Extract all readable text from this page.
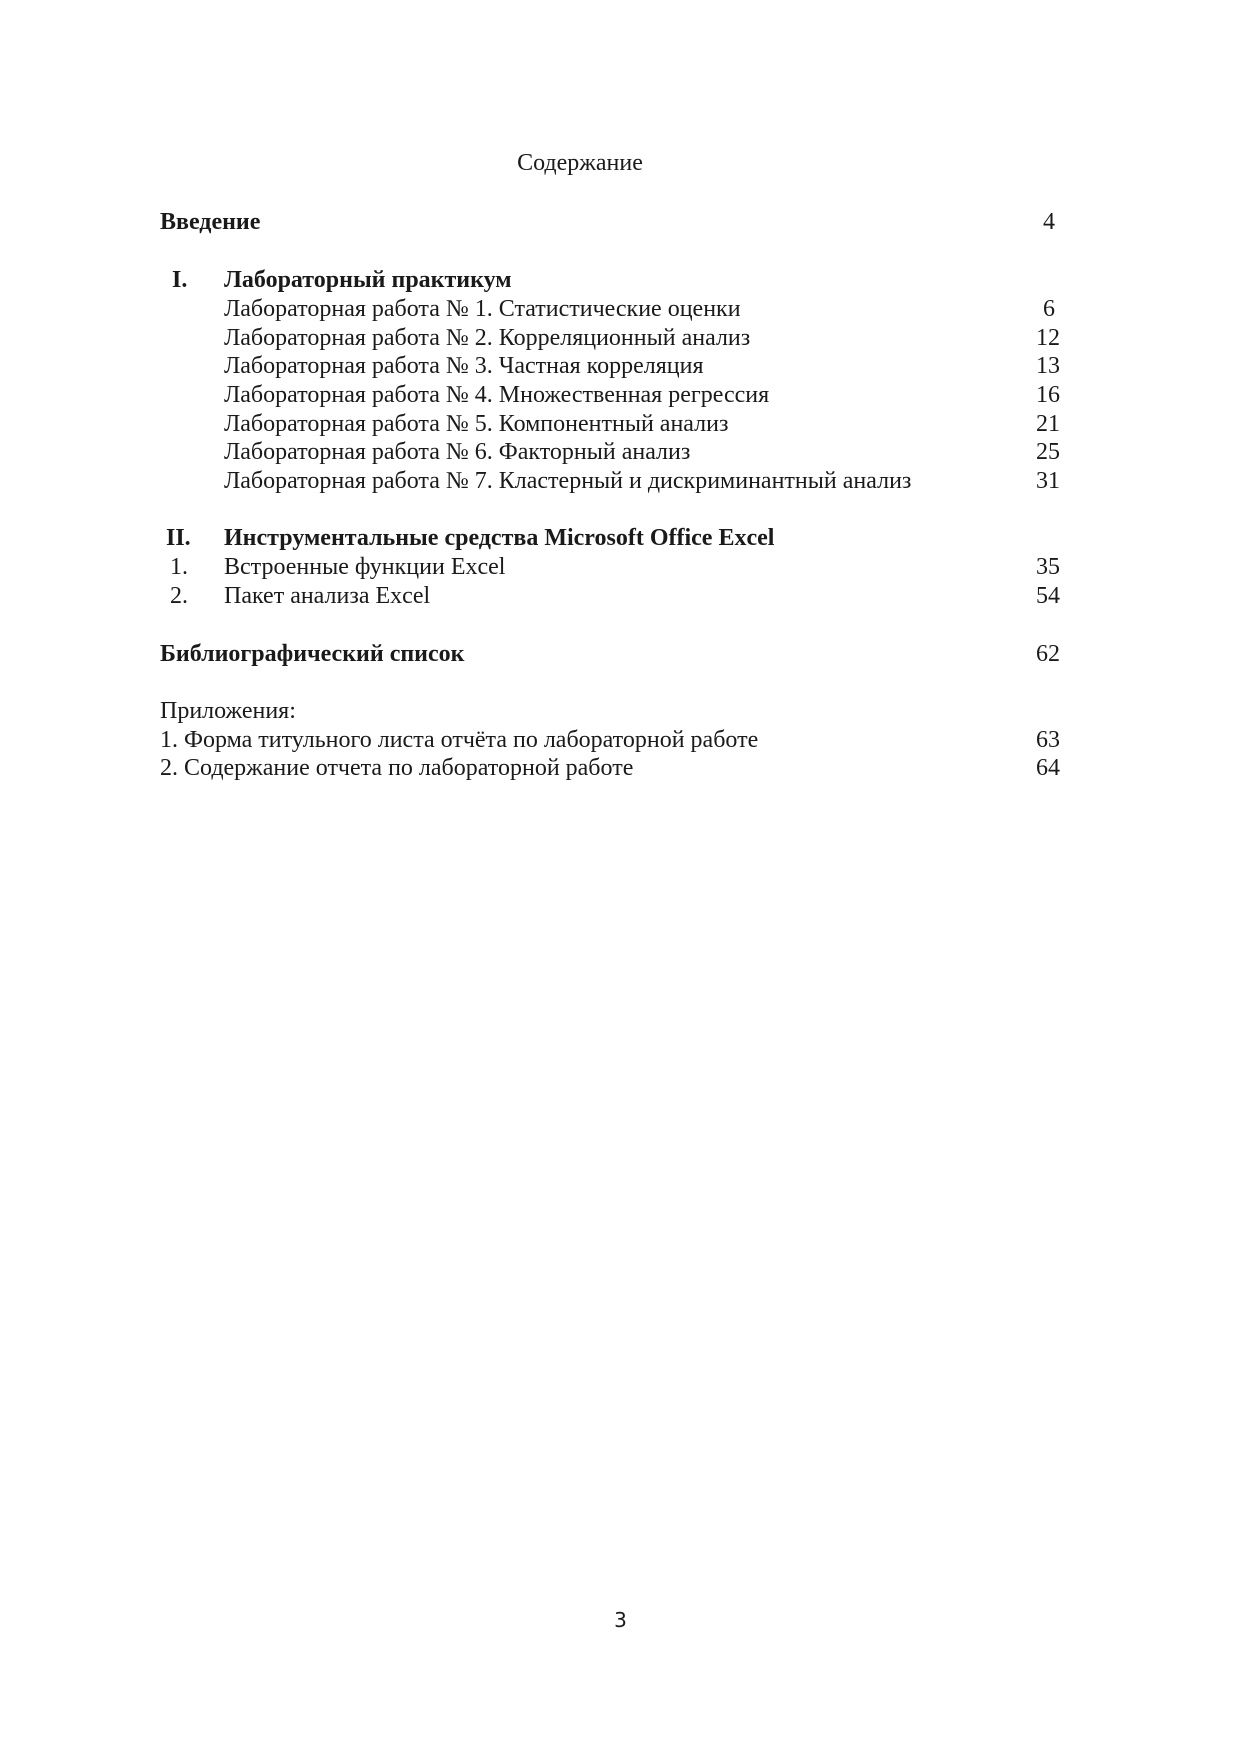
Содержание
Введение	4
I. Лабораторный практикум
Лабораторная работа № 1. Статистические оценки	6
Лабораторная работа № 2. Корреляционный анализ	12
Лабораторная работа № 3. Частная корреляция	13
Лабораторная работа № 4. Множественная регрессия	16
Лабораторная работа № 5. Компонентный анализ	21
Лабораторная работа № 6. Факторный анализ	25
Лабораторная работа № 7. Кластерный и дискриминантный анализ	31
II. Инструментальные средства Microsoft Office Excel
1. Встроенные функции Excel	35
2. Пакет анализа Excel	54
Библиографический список	62
Приложения:
1. Форма титульного листа отчёта по лабораторной работе	63
2. Содержание отчета по лабораторной работе	64
3
